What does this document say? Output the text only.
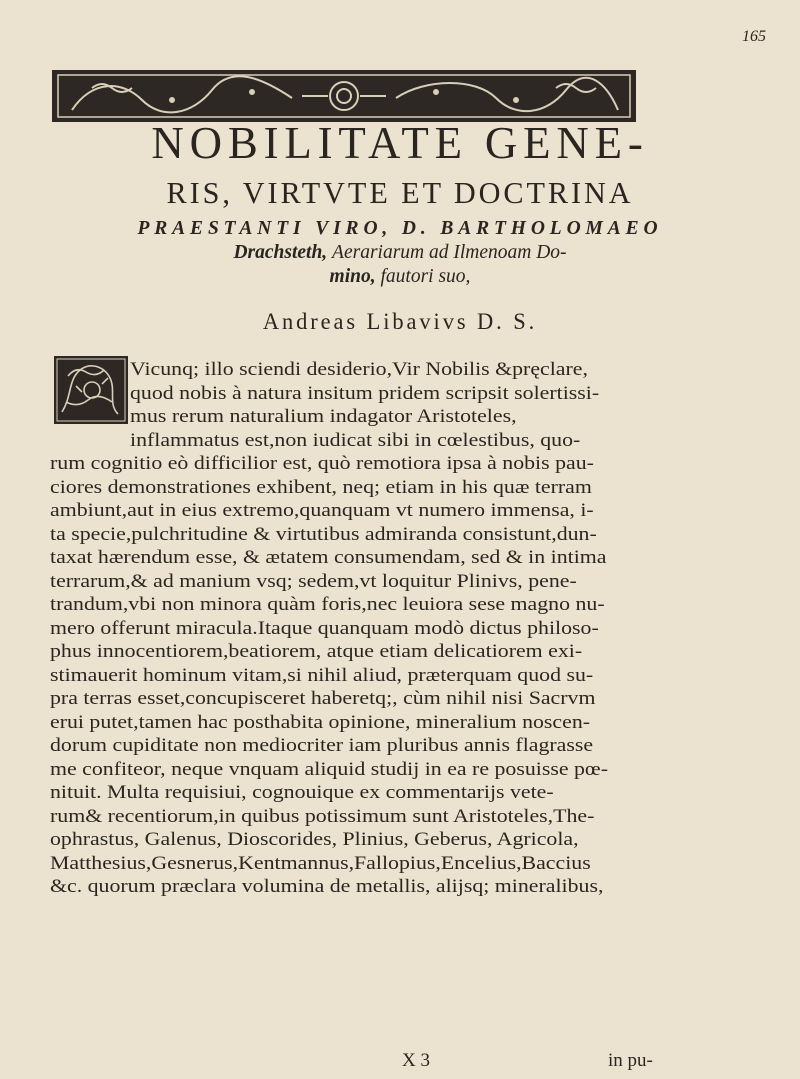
165
NOBILITATE GENE-
RIS, VIRTVTE ET DOCTRINA
PRAESTANTI VIRO, D. BARTHOLOMAEO
Drachsteth, Aerariarum ad Ilmenoam Do-
mino, fautori suo,
Andreas Libavivs D. S.
Vicunq; illo sciendi desiderio,Vir Nobilis &pręclare,
quod nobis à natura insitum pridem scripsit solertissi-
mus rerum naturalium indagator Aristoteles,
inflammatus est,non iudicat sibi in cœlestibus, quo-
rum cognitio eò difficilior est, quò remotiora ipsa à nobis pau-
ciores demonstrationes exhibent, neq; etiam in his quæ terram
ambiunt,aut in eius extremo,quanquam vt numero immensa, i-
ta specie,pulchritudine & virtutibus admiranda consistunt,dun-
taxat hærendum esse, & ætatem consumendam, sed & in intima
terrarum,& ad manium vsq; sedem,vt loquitur Plinivs, pene-
trandum,vbi non minora quàm foris,nec leuiora sese magno nu-
mero offerunt miracula.Itaque quanquam modò dictus philoso-
phus innocentiorem,beatiorem, atque etiam delicatiorem exi-
stimauerit hominum vitam,si nihil aliud, prӕterquam quod su-
pra terras esset,concupisceret haberetq;, cùm nihil nisi Sacrvm
erui putet,tamen hac posthabita opinione, mineralium noscen-
dorum cupiditate non mediocriter iam pluribus annis flagrasse
me confiteor, neque vnquam aliquid studij in ea re posuisse pœ-
nituit. Multa requisiui, cognouique ex commentarijs vete-
rum& recentiorum,in quibus potissimum sunt Aristoteles,The-
ophrastus, Galenus, Dioscorides, Plinius, Geberus, Agricola,
Matthesius,Gesnerus,Kentmannus,Fallopius,Encelius,Baccius
&c. quorum præclara volumina de metallis, alijsq; mineralibus,
X 3	in pu-
